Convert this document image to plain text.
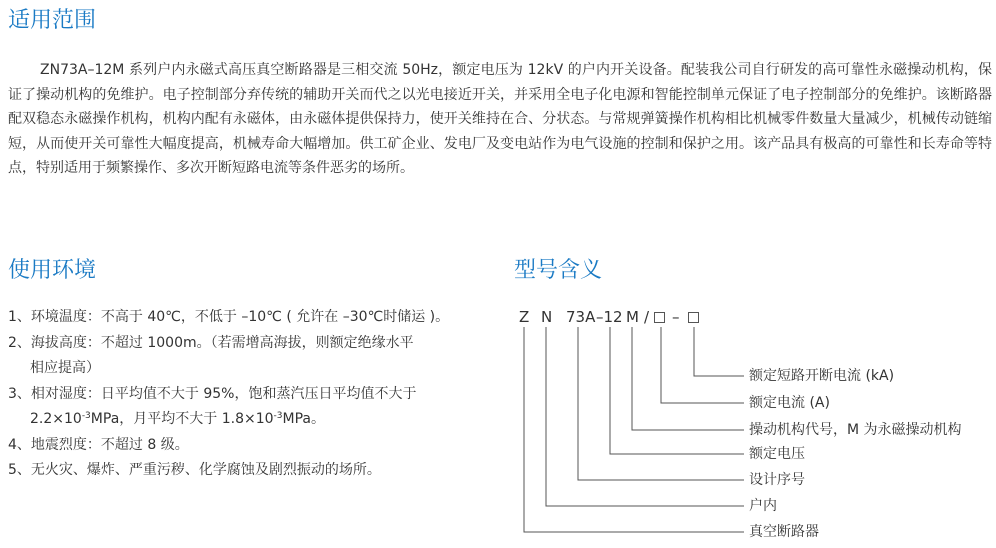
适用范围

ZN73A–12M 系列户内永磁式高压真空断路器是三相交流 50Hz，额定电压为 12kV 的户内开关设备。配装我公司自行研发的高可靠性永磁操动机构，保证了操动机构的免维护。电子控制部分弃传统的辅助开关而代之以光电接近开关，并采用全电子化电源和智能控制单元保证了电子控制部分的免维护。该断路器配双稳态永磁操作机构，机构内配有永磁体，由永磁体提供保持力，使开关维持在合、分状态。与常规弹簧操作机构相比机械零件数量大量减少，机械传动链缩短，从而使开关可靠性大幅度提高，机械寿命大幅增加。供工矿企业、发电厂及变电站作为电气设施的控制和保护之用。该产品具有极高的可靠性和长寿命等特点，特别适用于频繁操作、多次开断短路电流等条件恶劣的场所。

使用环境
1、环境温度：不高于 40℃，不低于 –10℃ ( 允许在 –30℃时储运 )。
2、海拔高度：不超过 1000m。（若需增高海拔，则额定绝缘水平
相应提高）
3、相对湿度：日平均值不大于 95%，饱和蒸汽压日平均值不大于
$2.2\times 10^{-3}MPa$，月平均不大于 $1.8\times 10^{-3}MPa$。
4、地震烈度：不超过 8 级。
5、无火灾、爆炸、严重污秽、化学腐蚀及剧烈振动的场所。
型号含义
Z N 73A –12 M / –
额定短路开断电流 (kA)
额定电流 (A)
操动机构代号，M 为永磁操动机构
额定电压
设计序号
户内
真空断路器
